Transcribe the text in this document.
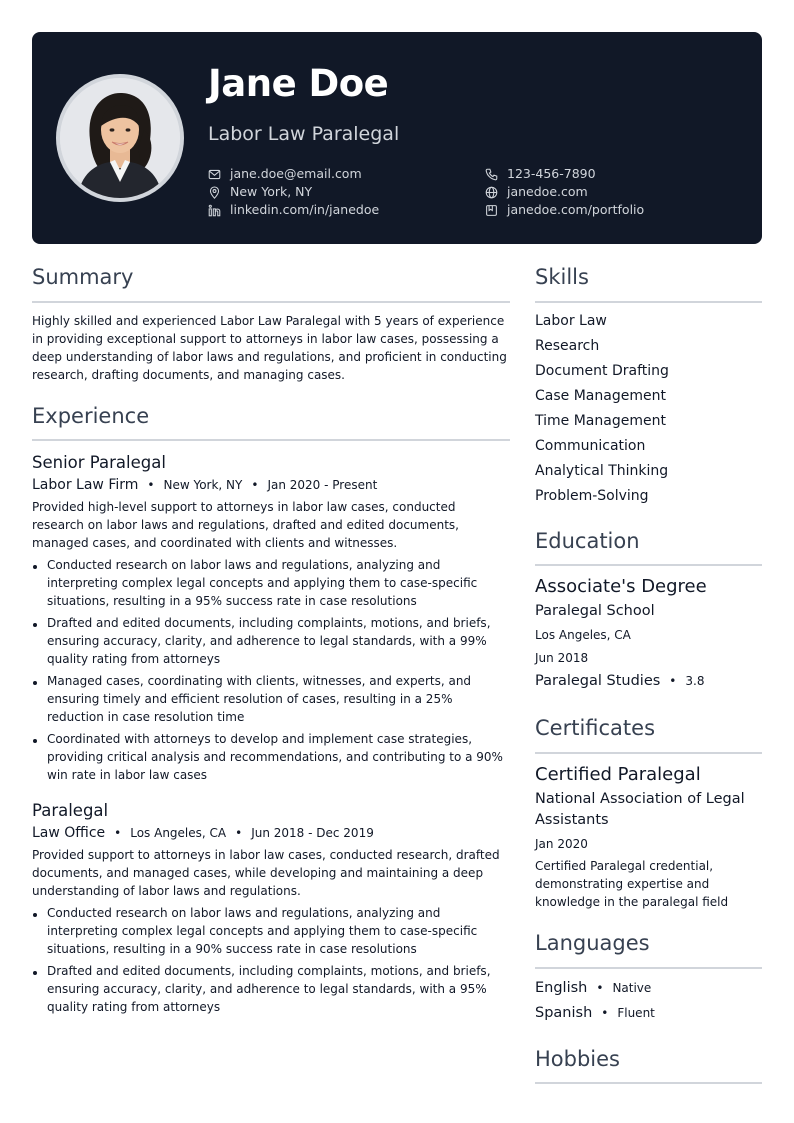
Jane Doe
Labor Law Paralegal
jane.doe@email.com
New York, NY
linkedin.com/in/janedoe
123-456-7890
janedoe.com
janedoe.com/portfolio
Summary

Highly skilled and experienced Labor Law Paralegal with 5 years of experience in providing exceptional support to attorneys in labor law cases, possessing a deep understanding of labor laws and regulations, and proficient in conducting research, drafting documents, and managing cases.

Experience
Senior Paralegal
Labor Law Firm • New York, NY • Jan 2020 - Present

Provided high-level support to attorneys in labor law cases, conducted research on labor laws and regulations, drafted and edited documents, managed cases, and coordinated with clients and witnesses.

Conducted research on labor laws and regulations, analyzing and interpreting complex legal concepts and applying them to case-specific situations, resulting in a 95% success rate in case resolutions
Drafted and edited documents, including complaints, motions, and briefs, ensuring accuracy, clarity, and adherence to legal standards, with a 99% quality rating from attorneys
Managed cases, coordinating with clients, witnesses, and experts, and ensuring timely and efficient resolution of cases, resulting in a 25% reduction in case resolution time
Coordinated with attorneys to develop and implement case strategies, providing critical analysis and recommendations, and contributing to a 90% win rate in labor law cases
Paralegal
Law Office • Los Angeles, CA • Jun 2018 - Dec 2019

Provided support to attorneys in labor law cases, conducted research, drafted documents, and managed cases, while developing and maintaining a deep understanding of labor laws and regulations.

Conducted research on labor laws and regulations, analyzing and interpreting complex legal concepts and applying them to case-specific situations, resulting in a 90% success rate in case resolutions
Drafted and edited documents, including complaints, motions, and briefs, ensuring accuracy, clarity, and adherence to legal standards, with a 95% quality rating from attorneys
Skills
Labor Law
Research
Document Drafting
Case Management
Time Management
Communication
Analytical Thinking
Problem-Solving
Education
Associate's Degree
Paralegal School
Los Angeles, CA
Jun 2018
Paralegal Studies • 3.8
Certificates
Certified Paralegal
National Association of Legal Assistants
Jan 2020
Certified Paralegal credential, demonstrating expertise and knowledge in the paralegal field
Languages
English • Native
Spanish • Fluent
Hobbies
